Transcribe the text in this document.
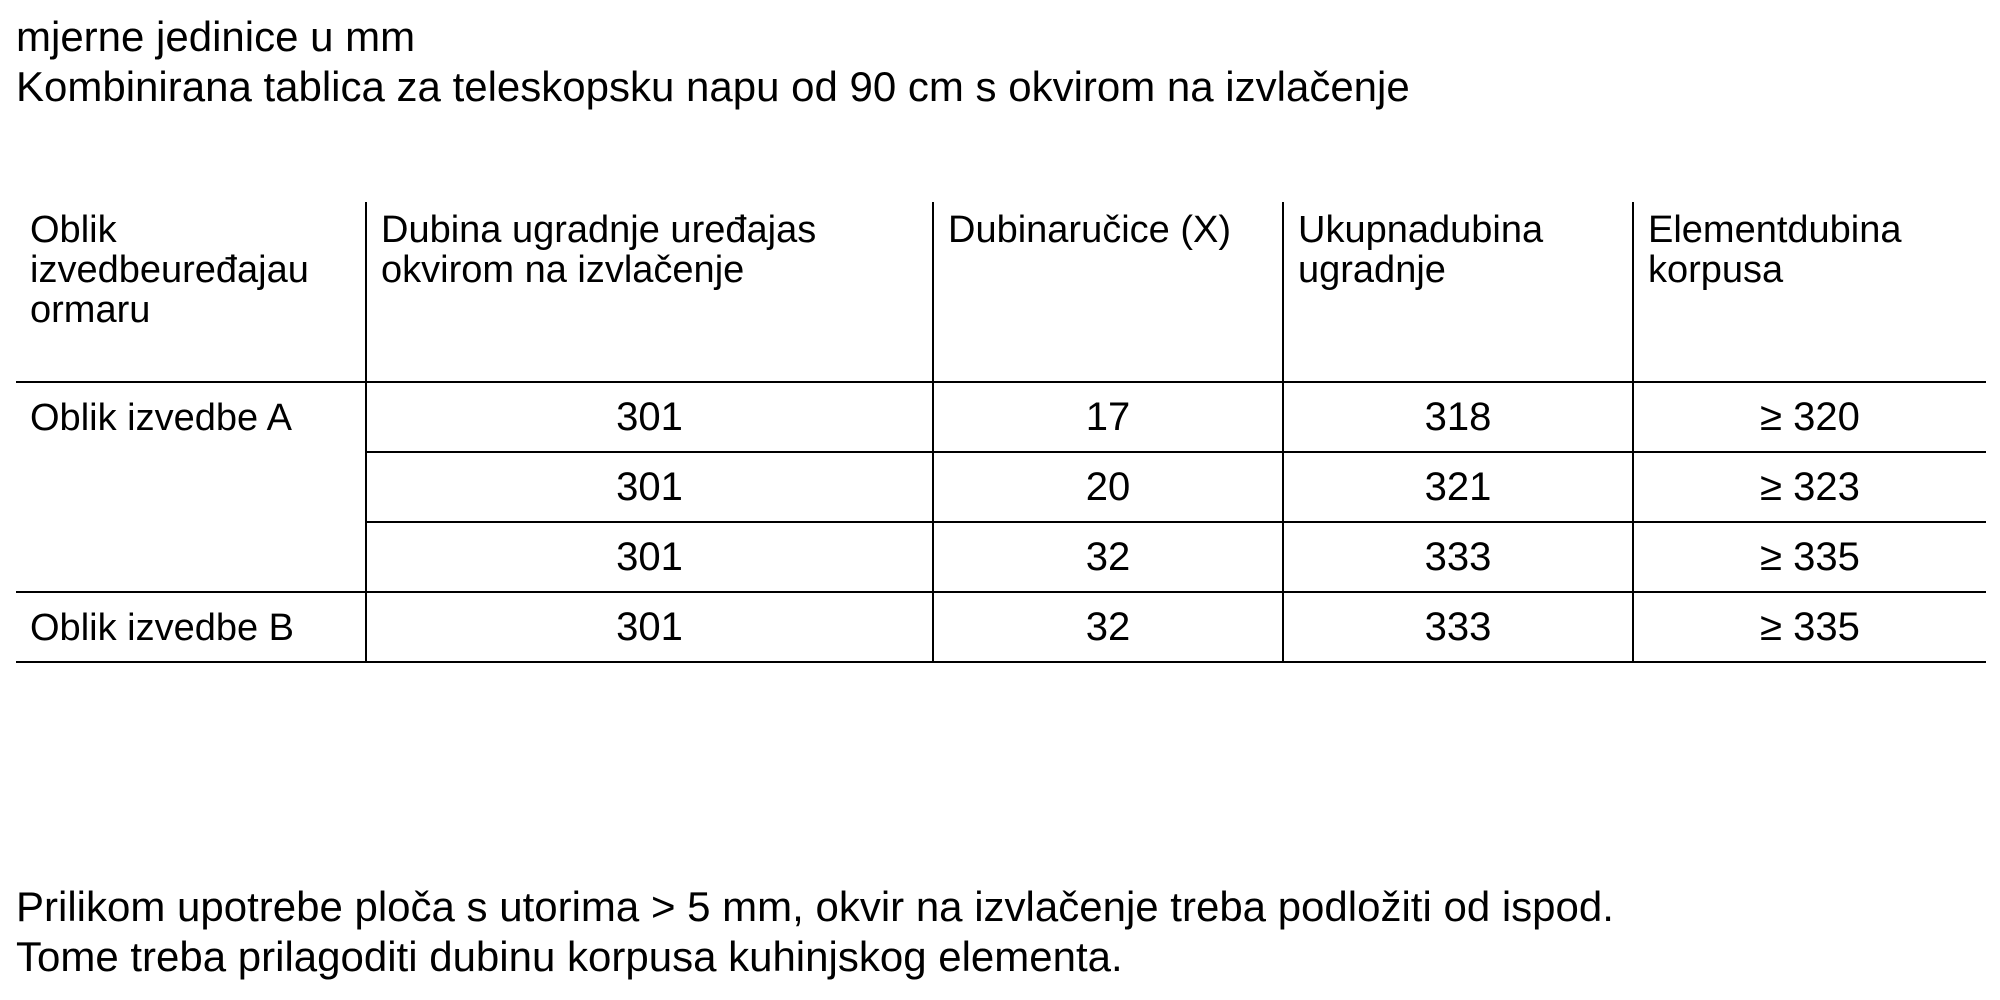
mjerne jedinice u mm
Kombinirana tablica za teleskopsku napu od 90 cm s okvirom na izvlačenje
Oblik izvedbeuređajau ormaru	Dubina ugradnje uređajas okvirom na izvlačenje	Dubinaručice (X)	Ukupnadubina ugradnje	Elementdubina korpusa
Oblik izvedbe A	301	17	318	≥ 320
	301	20	321	≥ 323
	301	32	333	≥ 335
Oblik izvedbe B	301	32	333	≥ 335
Prilikom upotrebe ploča s utorima > 5 mm, okvir na izvlačenje treba podložiti od ispod.
Tome treba prilagoditi dubinu korpusa kuhinjskog elementa.
